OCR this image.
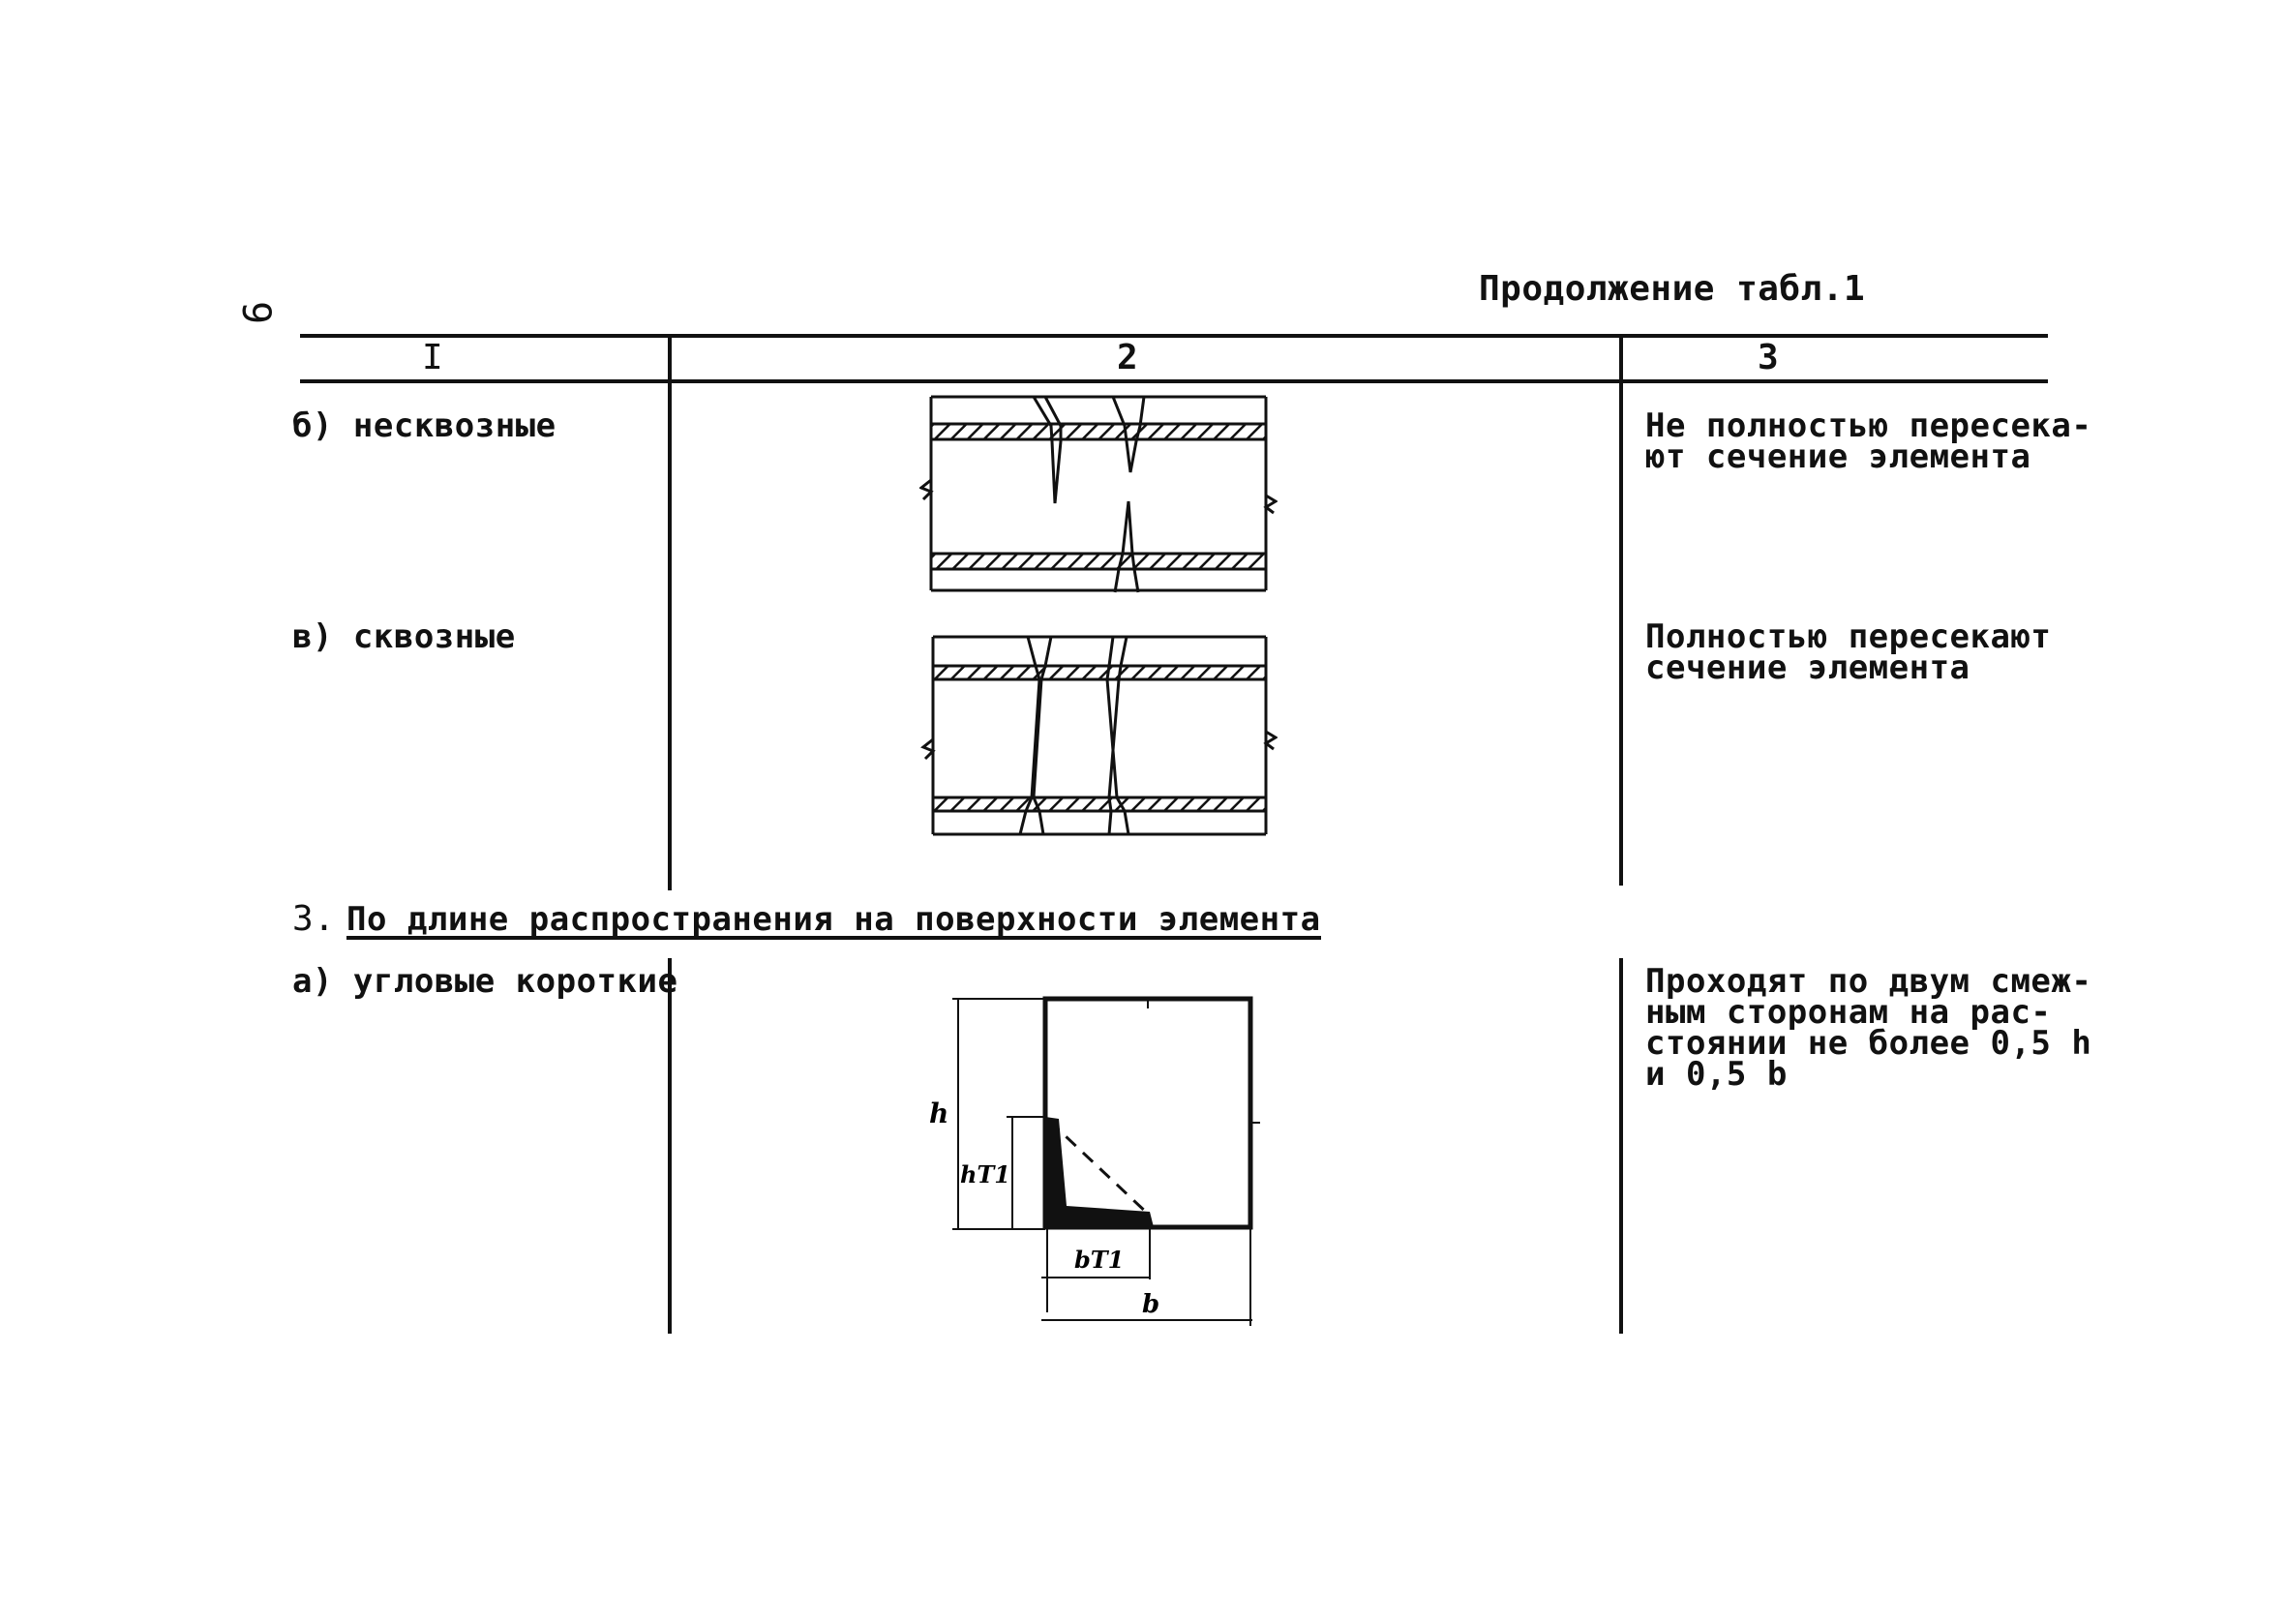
9
Продолжение табл.1
I	2	3
б) несквозные	Не полностью пересека-
ют сечение элемента
в) сквозные	Полностью пересекают
сечение элемента
3. По длине распространения на поверхности элемента
а) угловые короткие	Проходят по двум смеж-
ным сторонам на рас-
стоянии не более 0,5 h
и 0,5 b
h
hT1
bT1
b
